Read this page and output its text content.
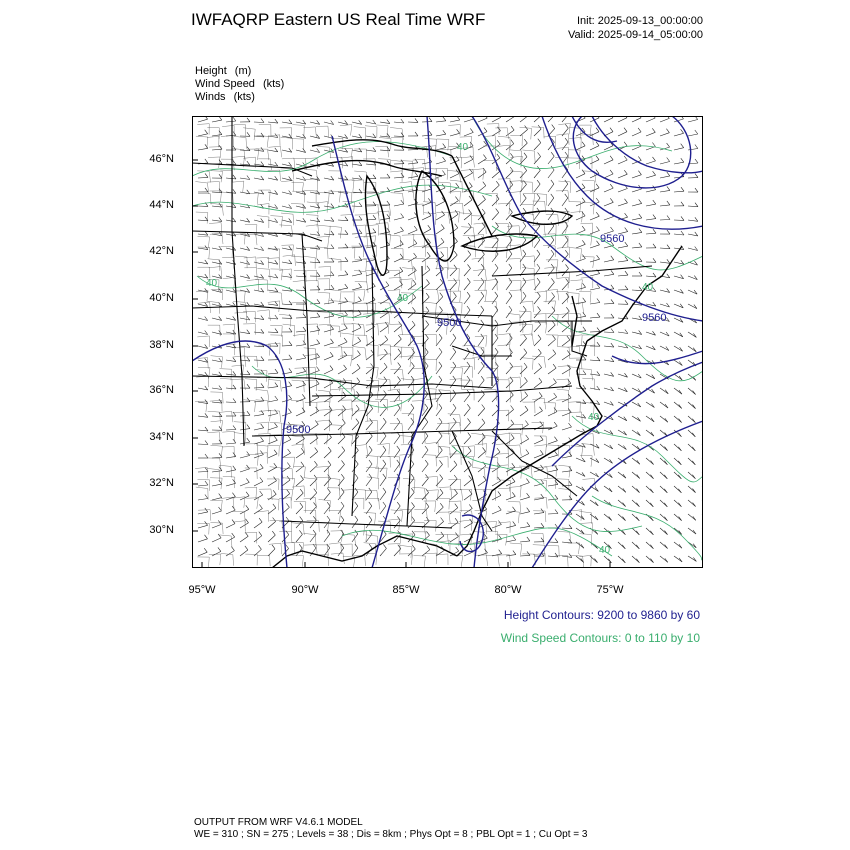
IWFAQRP Eastern US Real Time WRF	Init: 2025-09-13_00:00:00
Valid: 2025-09-14_05:00:00
Height (m)
Wind Speed (kts)
Winds (kts)
46°N
44°N
42°N
40°N
38°N
36°N
34°N
32°N
30°N
95°W	90°W	85°W	80°W	75°W
9500
9500
9560
9560
40
40
40	40
40
40
Height Contours: 9200 to 9860 by 60
Wind Speed Contours: 0 to 110 by 10
OUTPUT FROM WRF V4.6.1 MODEL
WE = 310 ; SN = 275 ; Levels = 38 ; Dis = 8km ; Phys Opt = 8 ; PBL Opt = 1 ; Cu Opt = 3
